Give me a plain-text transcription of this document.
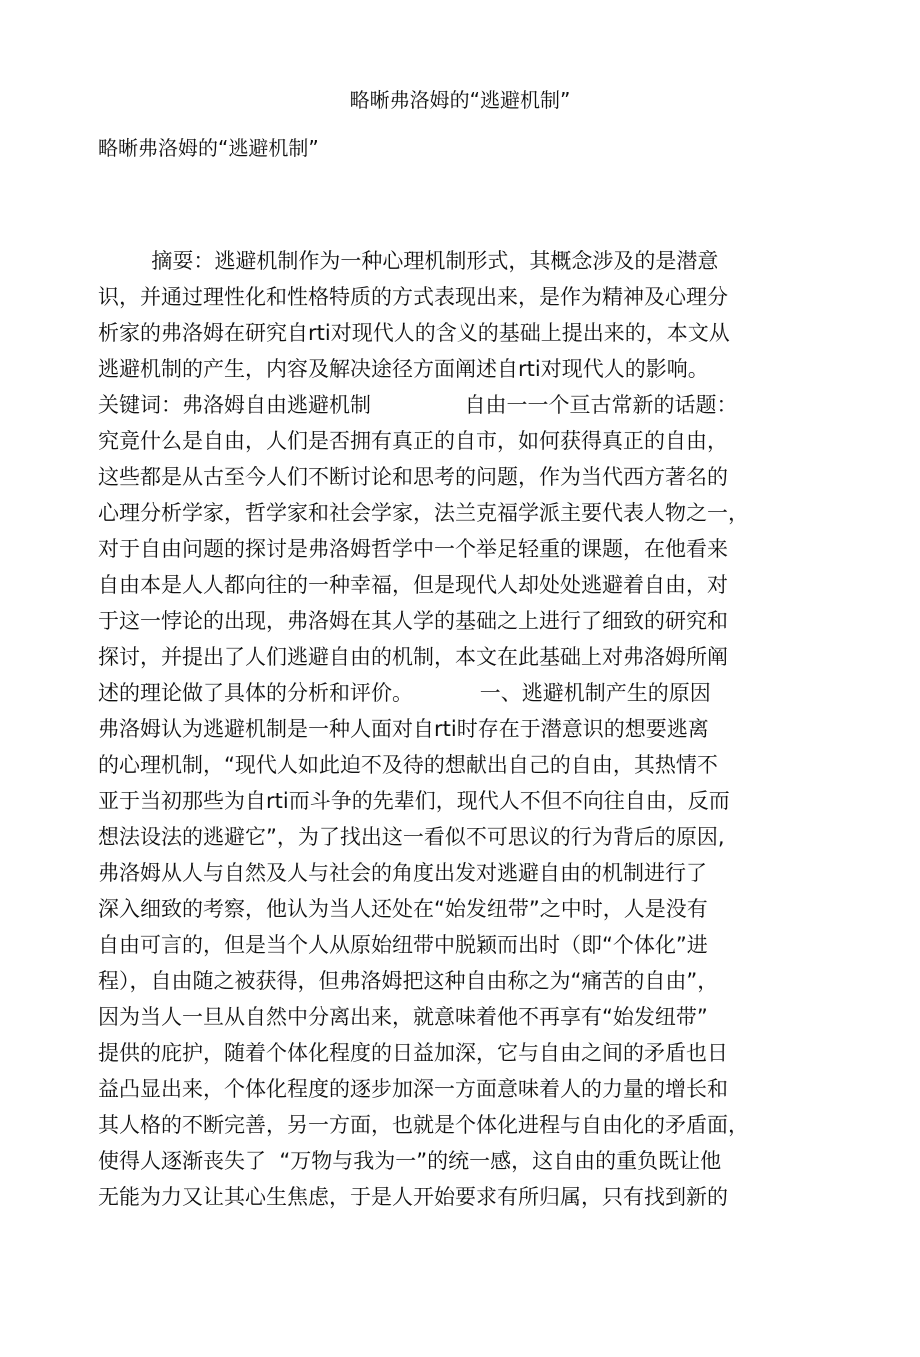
略晰弗洛姆的“逃避机制”
略晰弗洛姆的“逃避机制”
摘耍：逃避机制作为一种心理机制形式，其概念涉及的是潜意
识，并通过理性化和性格特质的方式表现出来，是作为精神及心理分
析家的弗洛姆在研究自rti对现代人的含义的基础上提出来的，本文从
逃避机制的产生，内容及解决途径方面阐述自rti对现代人的影响。
关键词：弗洛姆自由逃避机制              自由一一个亘古常新的话题：
究竟什么是自由，人们是否拥有真正的自市，如何获得真正的自由，
这些都是从古至今人们不断讨论和思考的问题，作为当代西方著名的
心理分析学家，哲学家和社会学家，法兰克福学派主要代表人物之一，
对于自由问题的探讨是弗洛姆哲学中一个举足轻重的课题，在他看来
自由本是人人都向往的一种幸福，但是现代人却处处逃避着自由，对
于这一悖论的出现，弗洛姆在其人学的基础之上进行了细致的研究和
探讨，并提出了人们逃避自由的机制，本文在此基础上对弗洛姆所阐
述的理论做了具体的分析和评价。          一、逃避机制产生的原因
弗洛姆认为逃避机制是一种人面对自rti时存在于潜意识的想要逃离
的心理机制，“现代人如此迫不及待的想献出自己的自由，其热情不
亚于当初那些为自rti而斗争的先辈们，现代人不但不向往自由，反而
想法设法的逃避它”，为了找出这一看似不可思议的行为背后的原因,
弗洛姆从人与自然及人与社会的角度出发对逃避自由的机制进行了
深入细致的考察，他认为当人还处在“始发纽带”之中时，人是没有
自由可言的，但是当个人从原始纽带中脱颖而出时（即“个体化”进
程），自由随之被获得，但弗洛姆把这种自由称之为“痛苦的自由”，
因为当人一旦从自然中分离出来，就意味着他不再享有“始发纽带”
提供的庇护，随着个体化程度的日益加深，它与自由之间的矛盾也日
益凸显出来，个体化程度的逐步加深一方面意味着人的力量的增长和
其人格的不断完善，另一方面，也就是个体化进程与自由化的矛盾面，
使得人逐渐丧失了  “万物与我为一”的统一感，这自由的重负既让他
无能为力又让其心生焦虑，于是人开始要求有所归属，只有找到新的
